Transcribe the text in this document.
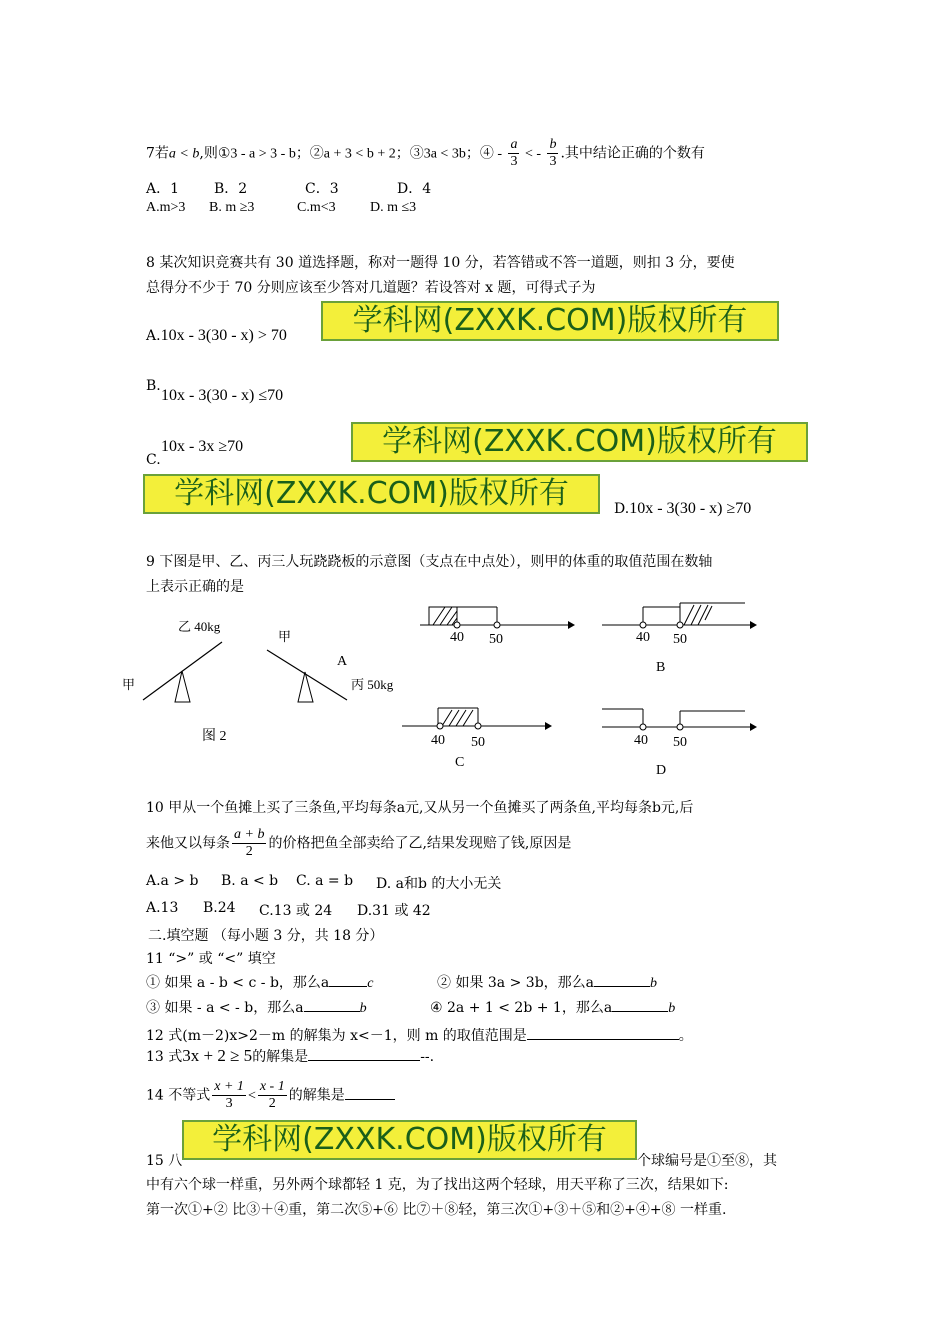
7若a < b,则①3 - a > 3 - b；②a + 3 < b + 2；③3a < 3b；④ - $\frac{a}{3}$ < - $\frac{b}{3}$ .其中结论正确的个数有
A．1 B．2	C．3	D．4
A.m>3 B. m ≥3	C.m<3 D. m ≤3
8 某次知识竞赛共有 30 道选择题，称对一题得 10 分，若答错或不答一道题，则扣 3 分，要使
总得分不少于 70 分则应该至少答对几道题？若设答对 x 题，可得式子为
A.10x - 3(30 - x) > 70	学科网(ZXXK.COM)版权所有
B.
10x - 3(30 - x) ≤70
10x - 3x ≥70
C.
学科网(ZXXK.COM)版权所有
学科网(ZXXK.COM)版权所有	D.10x - 3(30 - x) ≥70
9 下图是甲、乙、丙三人玩跷跷板的示意图（支点在中点处），则甲的体重的取值范围在数轴
上表示正确的是
乙 40kg
甲
甲
丙 50kg
A
图 2
40 50	40 50
B
40 50
C
40 50
D
10 甲从一个鱼摊上买了三条鱼,平均每条a元,又从另一个鱼摊买了两条鱼,平均每条b元,后
来他又以每条 $\frac{a + b}{2}$ 的价格把鱼全部卖给了乙,结果发现赔了钱,原因是
A.a > b B. a < b C. a = b D. a和b 的大小无关
A.13 B.24 C.13 或 24 D.31 或 42
二.填空题 （每小题 3 分，共 18 分）
11 “>” 或 “<” 填空
① 如果 a - b < c - b，那么a	c	② 如果 3a > 3b，那么a	b
③ 如果 - a < - b，那么a	b	④ 2a + 1 < 2b + 1，那么a	b
12 式(m－2)x>2－m 的解集为 x<－1，则 m 的取值范围是	。
13 式3x + 2 ≥ 5的解集是	--.
14 不等式 $\frac{x + 1}{3} < \frac{x - 1}{2}$ 的解集是
15 八
学科网(ZXXK.COM)版权所有
个球编号是①至⑧，其
中有六个球一样重，另外两个球都轻 1 克，为了找出这两个轻球，用天平称了三次，结果如下:
第一次①+② 比③＋④重，第二次⑤+⑥ 比⑦＋⑧轻，第三次①+③＋⑤和②+④+⑧ 一样重.
